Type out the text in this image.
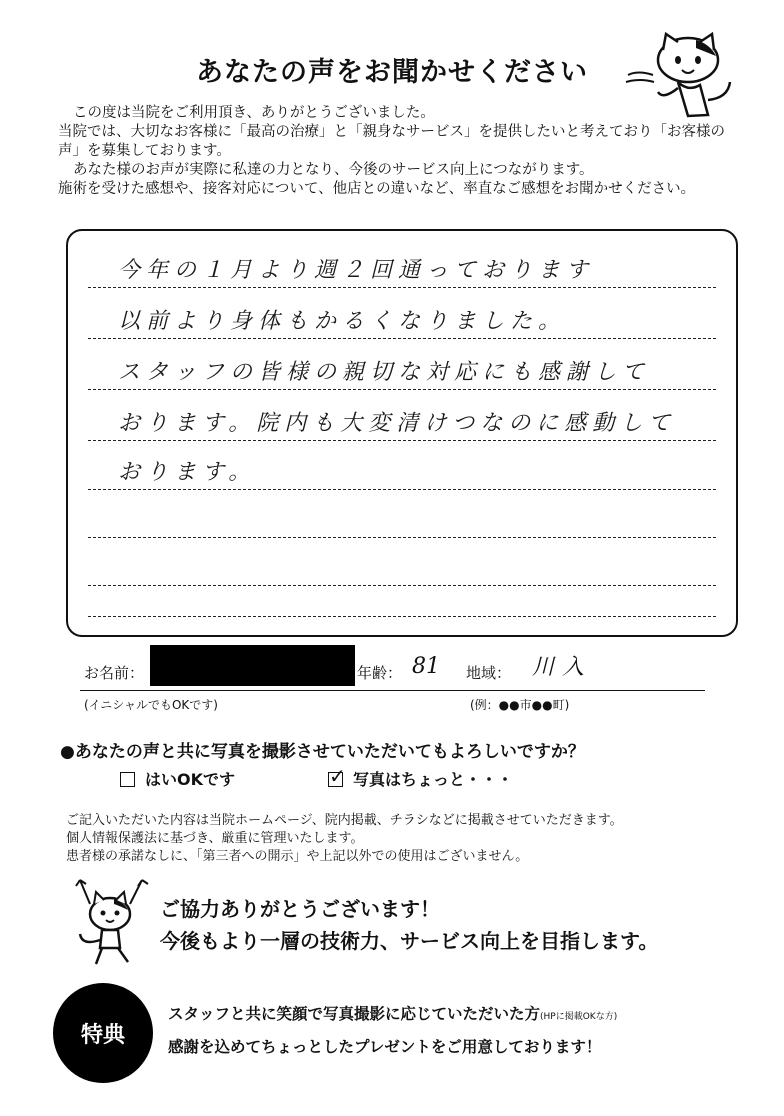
あなたの声をお聞かせください

この度は当院をご利用頂き、ありがとうございました。

当院では、大切なお客様に「最高の治療」と「親身なサービス」を提供したいと考えており「お客様の声」を募集しております。

あなた様のお声が実際に私達の力となり、今後のサービス向上につながります。

施術を受けた感想や、接客対応について、他店との違いなど、率直なご感想をお聞かせください。

今年の１月より週２回通っております
以前より身体もかるくなりました。
スタッフの皆様の親切な対応にも感謝して
おります。院内も大変清けつなのに感動して
おります。
お名前：	年齢： 81 地域： 川入
(イニシャルでもOKです)	(例：●●市●●町)
●あなたの声と共に写真を撮影させていただいてもよろしいですか？
はいOKです	✓ 写真はちょっと・・・

ご記入いただいた内容は当院ホームページ、院内掲載、チラシなどに掲載させていただきます。

個人情報保護法に基づき、厳重に管理いたします。

患者様の承諾なしに、「第三者への開示」や上記以外での使用はございません。

ご協力ありがとうございます！
今後もより一層の技術力、サービス向上を目指します。
特典
スタッフと共に笑顔で写真撮影に応じていただいた方(HPに掲載OKな方)
感謝を込めてちょっとしたプレゼントをご用意しております！
